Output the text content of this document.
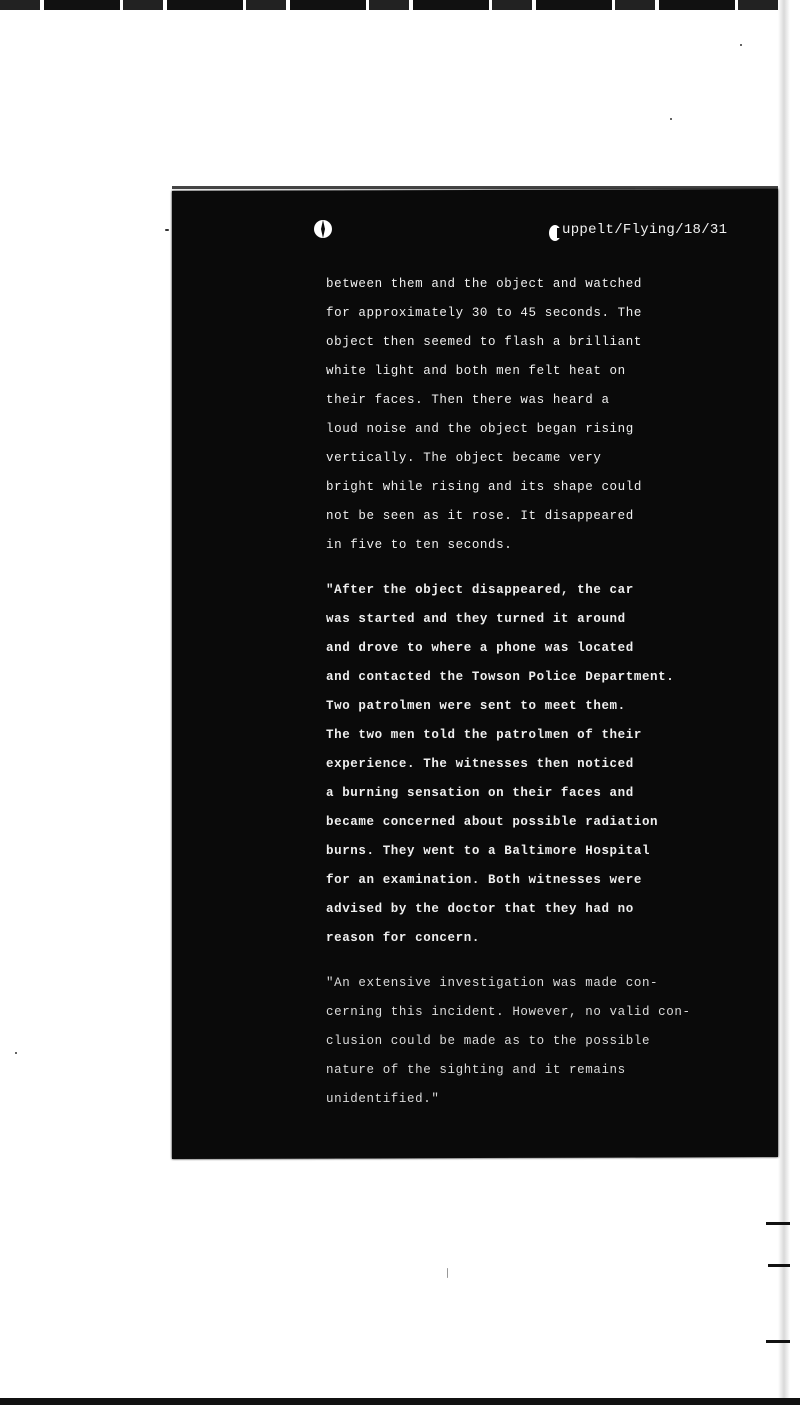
uppelt/Flying/18/31
between them and the object and watched
for approximately 30 to 45 seconds. The
object then seemed to flash a brilliant
white light and both men felt heat on
their faces. Then there was heard a
loud noise and the object began rising
vertically. The object became very
bright while rising and its shape could
not be seen as it rose. It disappeared
in five to ten seconds.
"After the object disappeared, the car
was started and they turned it around
and drove to where a phone was located
and contacted the Towson Police Department.
Two patrolmen were sent to meet them.
The two men told the patrolmen of their
experience. The witnesses then noticed
a burning sensation on their faces and
became concerned about possible radiation
burns. They went to a Baltimore Hospital
for an examination. Both witnesses were
advised by the doctor that they had no
reason for concern.
"An extensive investigation was made con-
cerning this incident. However, no valid con-
clusion could be made as to the possible
nature of the sighting and it remains
unidentified."
